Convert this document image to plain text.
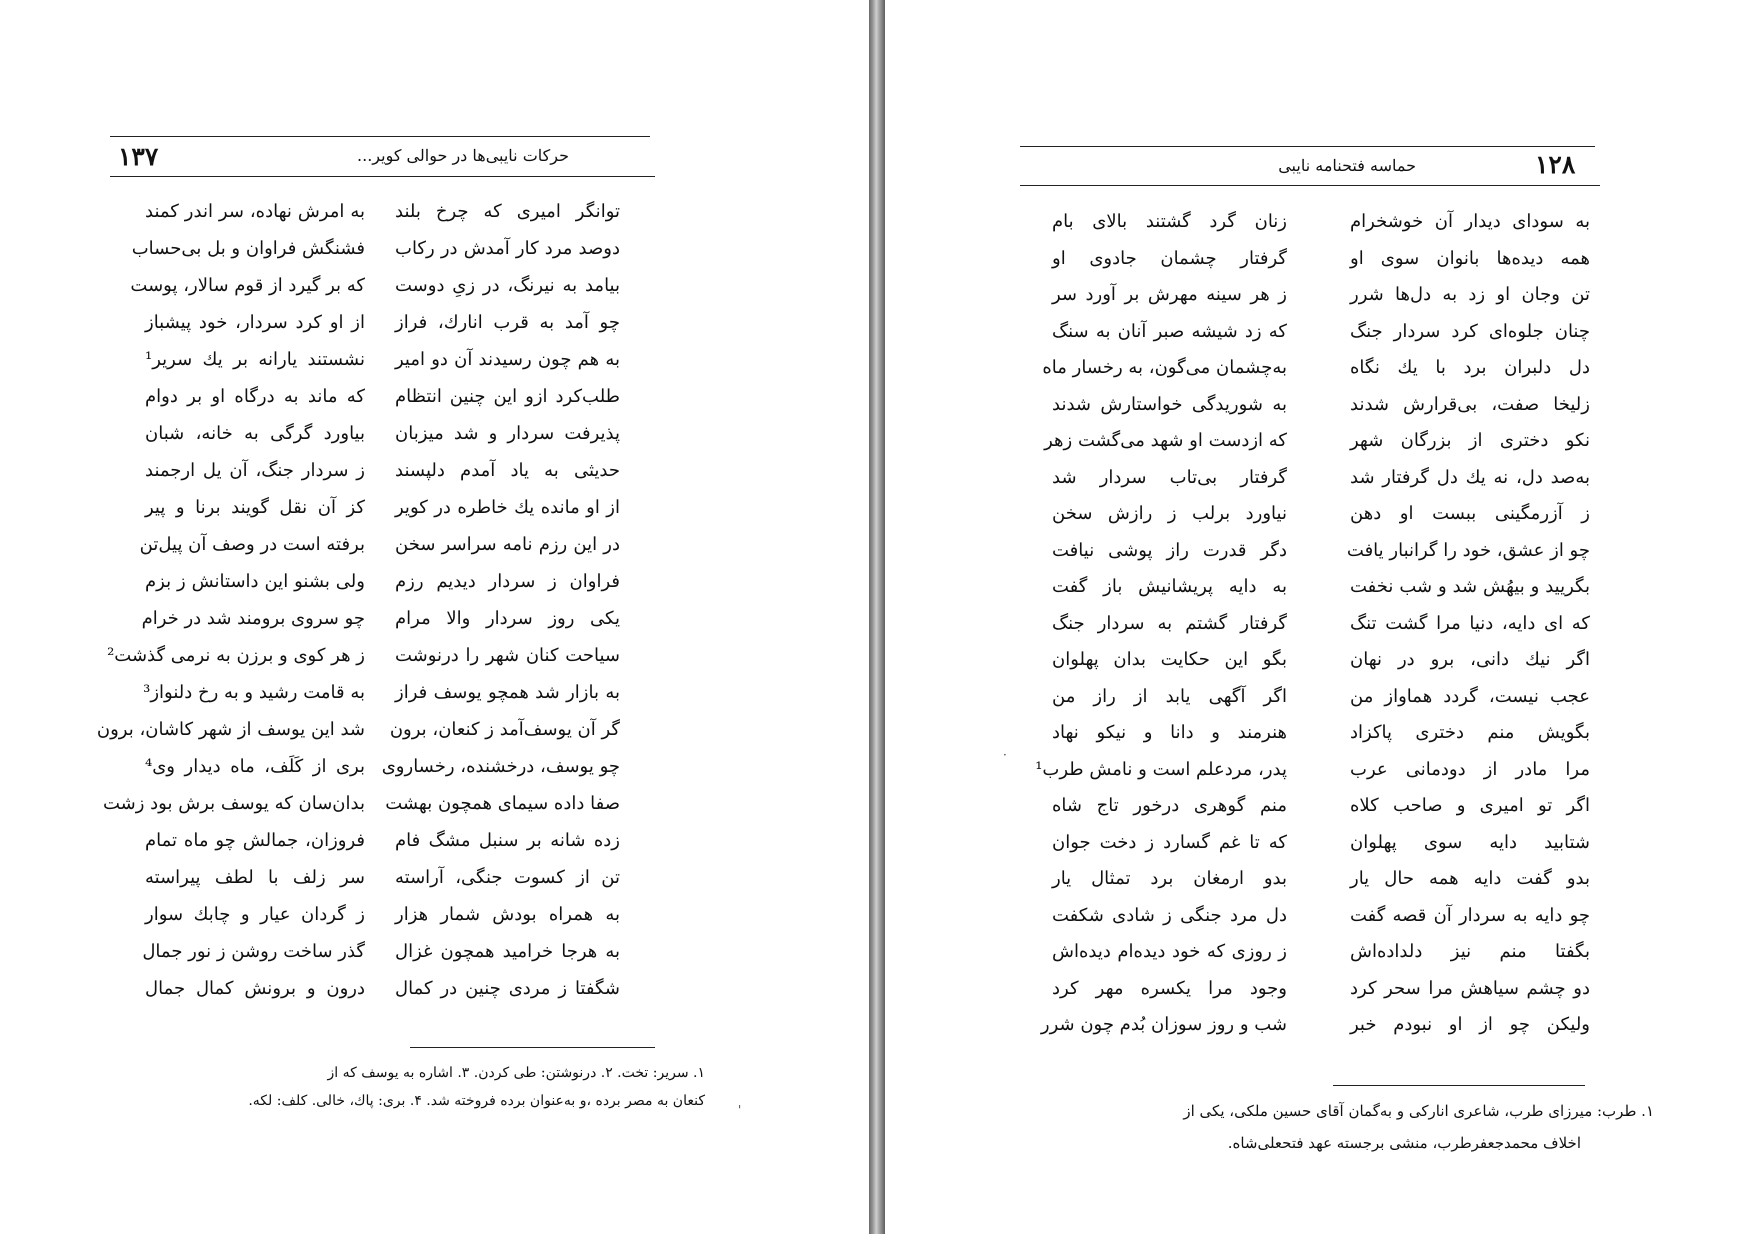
۱۳۷	حرکات نایبی‌ها در حوالی کویر...
توانگر امیری که چرخ بلند
دوصد مرد کار آمدش در رکاب
بیامد به نیرنگ، در زیِ دوست
چو آمد به قرب انارك، فراز
به هم چون رسیدند آن دو امیر
طلب‌کرد ازو این چنین انتظام
پذیرفت سردار و شد میزبان
حدیثی به یاد آمدم دلپسند
از او مانده یك خاطره در کویر
در این رزم نامه سراسر سخن
فراوان ز سردار دیدیم رزم
یکی روز سردار والا مرام
سیاحت کنان شهر را درنوشت
به بازار شد همچو یوسف فراز
گر آن یوسف‌آمد ز کنعان، برون
چو یوسف، درخشنده، رخساروی
صفا داده سیمای همچون بهشت
زده شانه بر سنبل مشگ فام
تن از کسوت جنگی، آراسته
به همراه بودش شمار هزار
به هرجا خرامید همچون غزال
شگفتا ز مردی چنین در کمال
به امرش نهاده، سر اندر کمند
فشنگش فراوان و بل بی‌حساب
که بر گیرد از قوم سالار، پوست
از او کرد سردار، خود پیشباز
نشستند یارانه بر یك سریر¹
که ماند به درگاه او بر دوام
بیاورد گرگی به خانه، شبان
ز سردار جنگ، آن یل ارجمند
کز آن نقل گویند برنا و پیر
برفته است در وصف آن پیل‌تن
ولی بشنو این داستانش ز بزم
چو سروی برومند شد در خرام
ز هر کوی و برزن به نرمی گذشت²
به قامت رشید و به رخ دلنواز³
شد این یوسف از شهر کاشان، برون
بری از کَلَف، ماه دیدار وی⁴
بدان‌سان که یوسف برش بود زشت
فروزان، جمالش چو ماه تمام
سر زلف با لطف پیراسته
ز گردان عیار و چابك سوار
گذر ساخت روشن ز نور جمال
درون و برونش کمال جمال
۱. سریر: تخت. ۲. درنوشتن: طی کردن. ۳. اشاره به یوسف که از
کنعان به مصر برده ،و به‌عنوان برده فروخته شد. ۴. بری: پاك، خالی. کلف: لکه.
'
۱۲۸
حماسه فتحنامه نایبی
به سودای دیدار آن خوشخرام
همه دیده‌ها بانوان سوی او
تن وجان او زد به دل‌ها شرر
چنان جلوه‌ای کرد سردار جنگ
دل دلبران برد با یك نگاه
زلیخا صفت، بی‌قرارش شدند
نکو دختری از بزرگان شهر
به‌صد دل، نه یك دل گرفتار شد
ز آزرمگینی ببست او دهن
چو از عشق، خود را گرانبار یافت
بگریید و بیهُش شد و شب نخفت
که ای دایه، دنیا مرا گشت تنگ
اگر نیك دانی، برو در نهان
عجب نیست، گردد هماواز من
بگویش منم دختری پاکزاد
مرا مادر از دودمانی عرب
اگر تو امیری و صاحب کلاه
شتابید دایه سوی پهلوان
بدو گفت دایه همه حال یار
چو دایه به سردار آن قصه گفت
بگفتا منم نیز دلداده‌اش
دو چشم سیاهش مرا سحر کرد
ولیکن چو از او نبودم خبر
زنان گرد گشتند بالای بام
گرفتار چشمان جادوی او
ز هر سینه مهرش بر آورد سر
که زد شیشه صبر آنان به سنگ
به‌چشمان می‌گون، به رخسار ماه
به شوریدگی خواستارش شدند
که ازدست او شهد می‌گشت زهر
گرفتار بی‌تاب سردار شد
نیاورد برلب ز رازش سخن
دگر قدرت راز پوشی نیافت
به دایه پریشانیش باز گفت
گرفتار گشتم به سردار جنگ
بگو این حکایت بدان پهلوان
اگر آگهی یابد از راز من
هنرمند و دانا و نیکو نهاد
پدر، مردعلم است و نامش طرب¹
منم گوهری درخور تاج شاه
که تا غم گسارد ز دخت جوان
بدو ارمغان برد تمثال یار
دل مرد جنگی ز شادی شکفت
ز روزی که خود دیده‌ام دیده‌اش
وجود مرا یکسره مهر کرد
شب و روز سوزان بُدم چون شرر
·
۱. طرب: میرزای طرب، شاعری انارکی و به‌گمان آقای حسین ملکی، یکی از
اخلاف محمدجعفرطرب، منشی برجسته عهد فتحعلی‌شاه.
